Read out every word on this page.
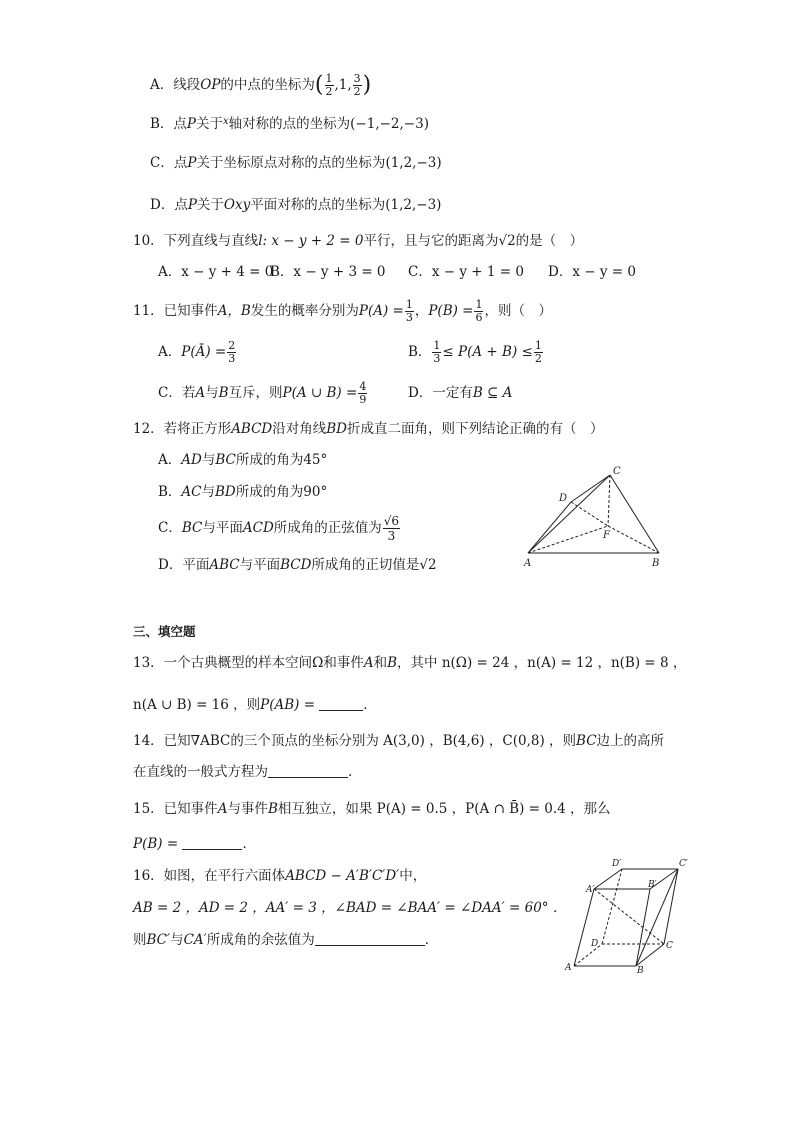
A．线段OP的中点的坐标为( $\frac{1}{2} ,1$, $\frac{3}{2}$ )
B．点P关于$^x$轴对称的点的坐标为(−1,−2,−3)
C．点P关于坐标原点对称的点的坐标为(1,2,−3)
D．点P关于Oxy平面对称的点的坐标为(1,2,−3)
10．下列直线与直线l: x − y + 2 = 0平行，且与它的距离为√2的是（　）
A．x − y + 4 = 0
B．x − y + 3 = 0 C．x − y + 1 = 0 D．x − y = 0
11．已知事件A，B发生的概率分别为$P(A) = \frac{1}{3}$ ，$P(B) = \frac{1}{6}$ ，则（　）
A．P(Ā) = $\frac{2}{3}$	B． $\frac{1}{3} \le P(A + B) \le \frac{1}{2}$
C．若A与B互斥，则P(A ∪ $B) = \frac{4}{9}$	D．一定有B ⊆ A
12．若将正方形ABCD沿对角线BD折成直二面角，则下列结论正确的有（　）
A．AD与BC所成的角为45°
B．AC与BD所成的角为90°
C．BC与平面ACD所成角的正弦值为 $\frac{√6}{3}$
D．平面ABC与平面BCD所成角的正切值是√2
C
D
F
A	B
三、填空题
13．一个古典概型的样本空间Ω和事件A和B，其中 n(Ω) = 24 ，n(A) = 12 ，n(B) = 8 ，
n(A ∪ B) = 16 ，则P(AB) =	．
14．已知∇ABC的三个顶点的坐标分别为 A(3,0) ，B(4,6) ，C(0,8) ，则BC边上的高所
在直线的一般式方程为	.
15．已知事件A与事件B相互独立，如果 P(A) = 0.5 ，P(A ∩ B̄) = 0.4 ，那么
P(B) =	．
16．如图，在平行六面体ABCD − A′B′C′D′中，
AB = 2 ，AD = 2 ，AA′ = 3 ，∠BAD = ∠BAA′ = ∠DAA′ = 60° ．
则BC′与CA′所成角的余弦值为	．
D′	C′
A′	B′
D	C
A	B
